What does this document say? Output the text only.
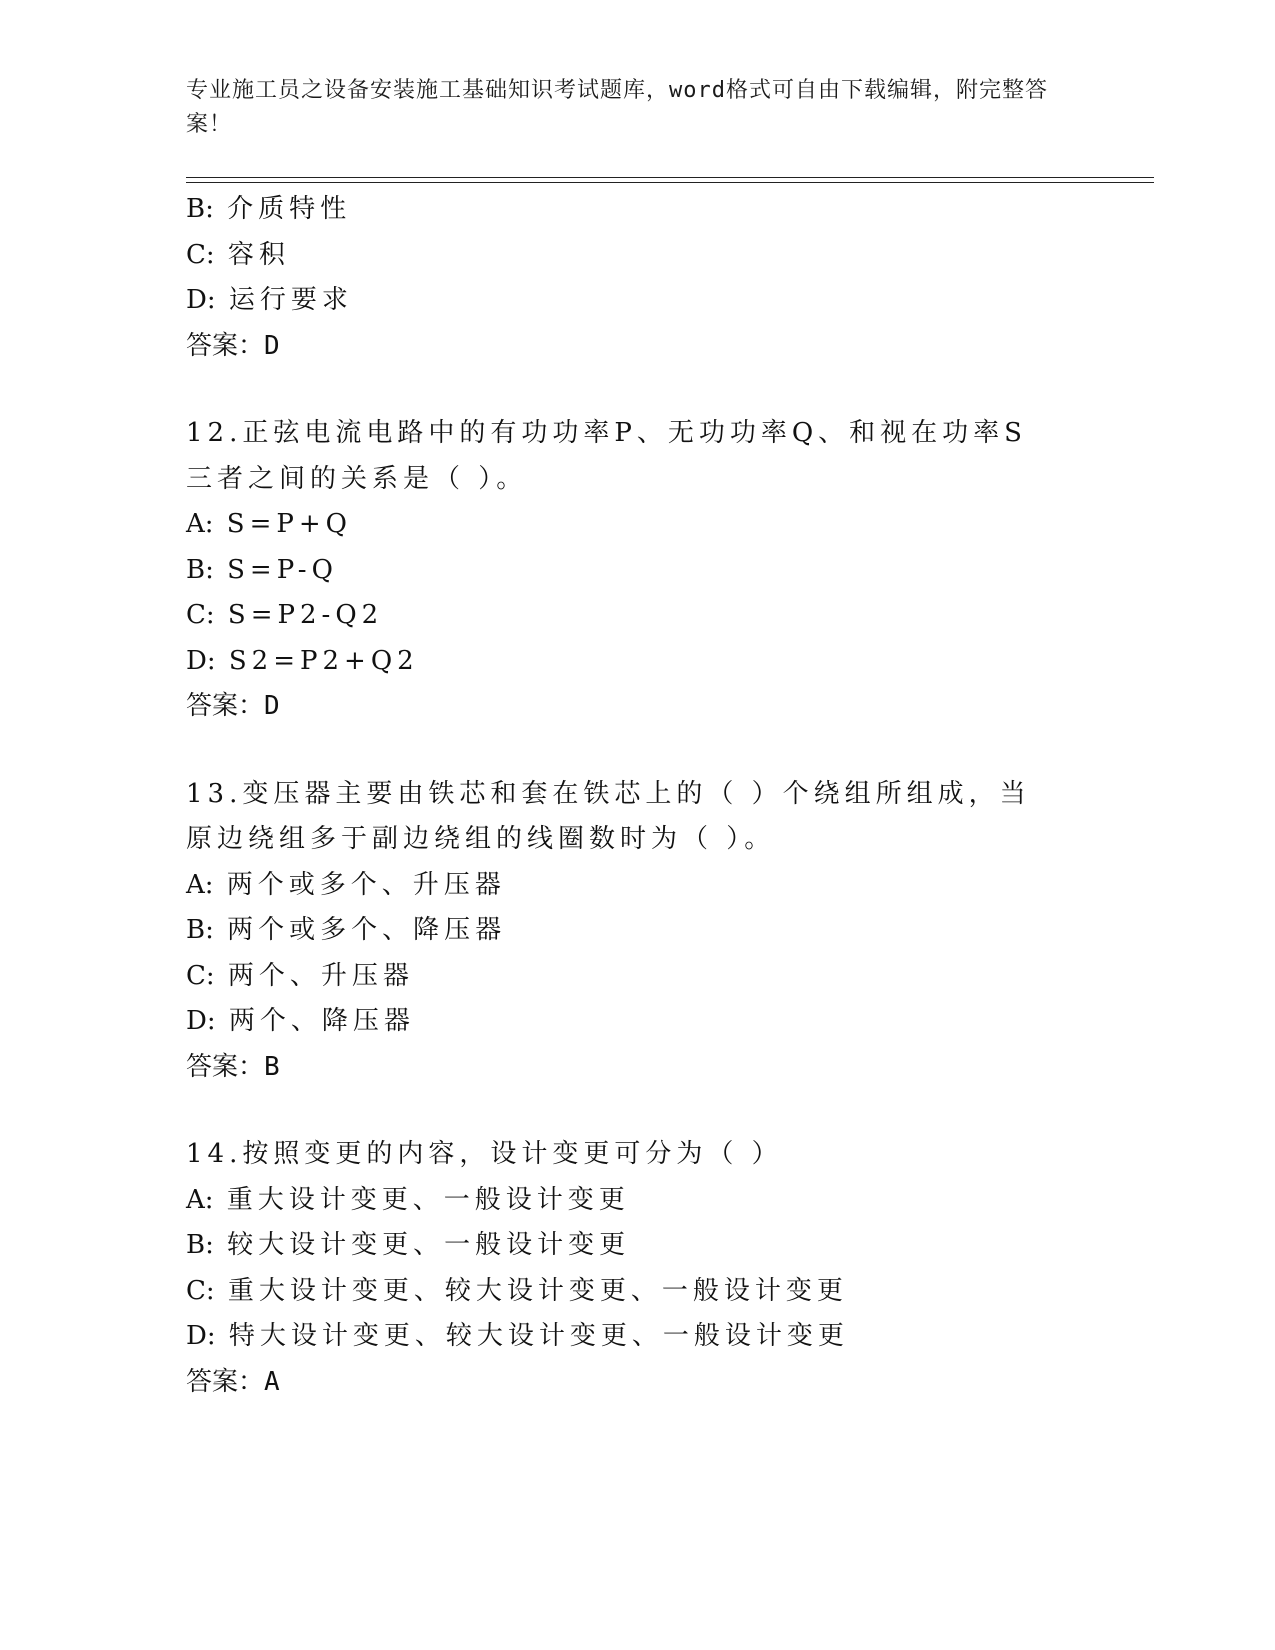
专业施工员之设备安装施工基础知识考试题库，word格式可自由下载编辑，附完整答案！
B: 介质特性
C: 容积
D: 运行要求
答案：D
12.正弦电流电路中的有功功率P、无功功率Q、和视在功率S三者之间的关系是（ ）。
A: S=P+Q
B: S=P-Q
C: S=P2-Q2
D: S2=P2+Q2
答案：D
13.变压器主要由铁芯和套在铁芯上的（ ）个绕组所组成，当原边绕组多于副边绕组的线圈数时为（ ）。
A: 两个或多个、升压器
B: 两个或多个、降压器
C: 两个、升压器
D: 两个、降压器
答案：B
14.按照变更的内容，设计变更可分为（ ）
A: 重大设计变更、一般设计变更
B: 较大设计变更、一般设计变更
C: 重大设计变更、较大设计变更、一般设计变更
D: 特大设计变更、较大设计变更、一般设计变更
答案：A
